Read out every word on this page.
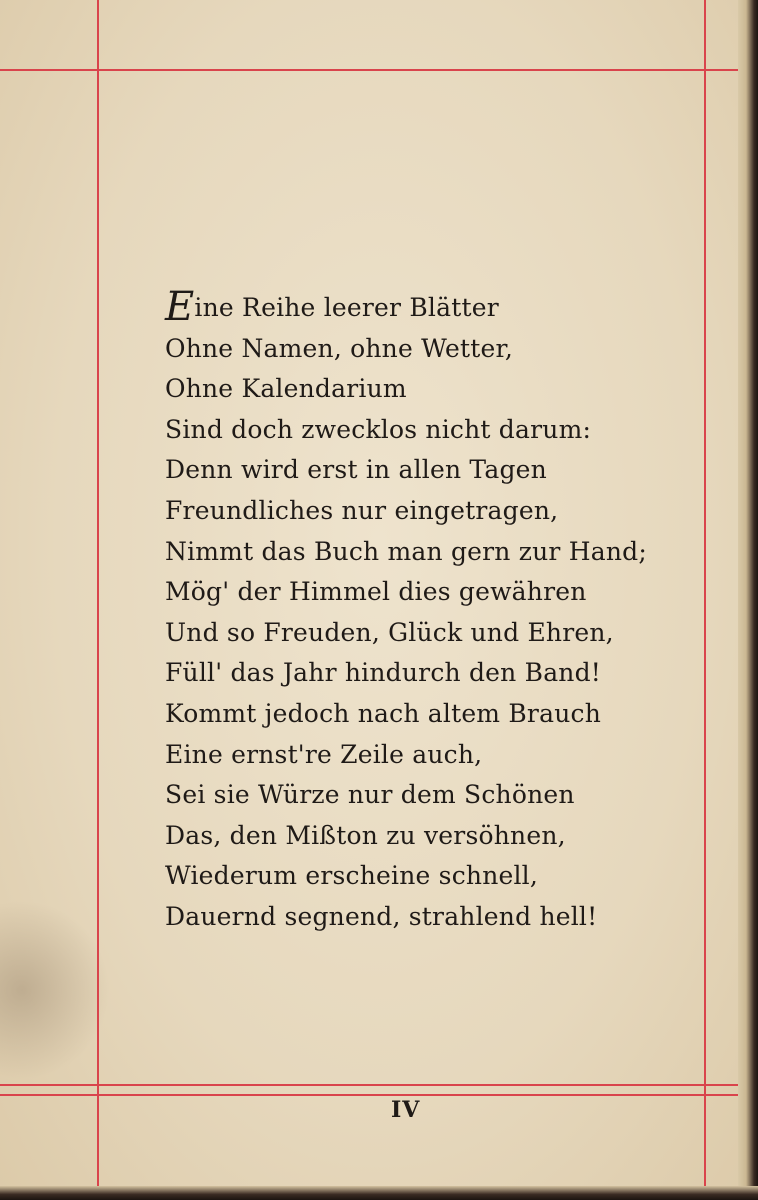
Eine Reihe leerer Blätter
Ohne Namen, ohne Wetter,
Ohne Kalendarium
Sind doch zwecklos nicht darum:
Denn wird erst in allen Tagen
Freundliches nur eingetragen,
Nimmt das Buch man gern zur Hand;
Mög' der Himmel dies gewähren
Und so Freuden, Glück und Ehren,
Füll' das Jahr hindurch den Band!
Kommt jedoch nach altem Brauch
Eine ernst're Zeile auch,
Sei sie Würze nur dem Schönen
Das, den Mißton zu versöhnen,
Wiederum erscheine schnell,
Dauernd segnend, strahlend hell!
IV
